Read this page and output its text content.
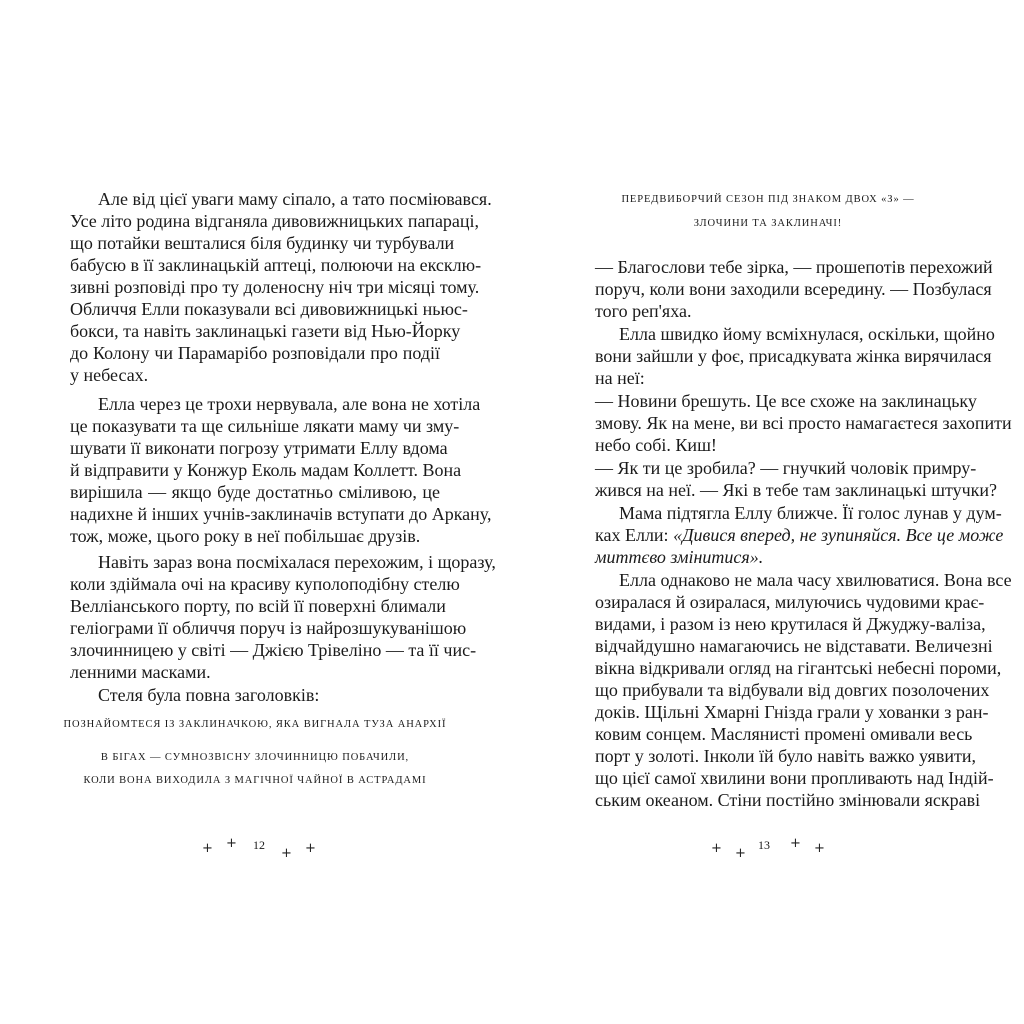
Але від цієї уваги маму сіпало, а тато посміювався.
Усе літо родина відганяла дивовижницьких папараці,
що потайки вешталися біля будинку чи турбували
бабусю в її заклинацькій аптеці, полюючи на ексклю-
зивні розповіді про ту доленосну ніч три місяці тому.
Обличчя Елли показували всі дивовижницькі ньюс-
бокси, та навіть заклинацькі газети від Нью-Йорку
до Колону чи Парамарібо розповідали про події
у небесах.
Елла через це трохи нервувала, але вона не хотіла
це показувати та ще сильніше лякати маму чи зму-
шувати її виконати погрозу утримати Еллу вдома
й відправити у Конжур Еколь мадам Коллетт. Вона
вирішила — якщо буде достатньо сміливою, це
надихне й інших учнів-заклиначів вступати до Аркану,
тож, може, цього року в неї побільшає друзів.
Навіть зараз вона посміхалася перехожим, і щоразу,
коли здіймала очі на красиву куполоподібну стелю
Велліанського порту, по всій її поверхні блимали
геліограми її обличчя поруч із найрозшукуванішою
злочинницею у світі — Джією Трівеліно — та її чис-
ленними масками.
Стеля була повна заголовків:
ПОЗНАЙОМТЕСЯ ІЗ ЗАКЛИНАЧКОЮ, ЯКА ВИГНАЛА ТУЗА АНАРХІЇ
В БІГАХ — СУМНОЗВІСНУ ЗЛОЧИННИЦЮ ПОБАЧИЛИ,
КОЛИ ВОНА ВИХОДИЛА З МАГІЧНОЇ ЧАЙНОЇ В АСТРАДАМІ
12
+ +
+ +
ПЕРЕДВИБОРЧИЙ СЕЗОН ПІД ЗНАКОМ ДВОХ «З» —
ЗЛОЧИНИ ТА ЗАКЛИНАЧІ!
— Благослови тебе зірка, — прошепотів перехожий
поруч, коли вони заходили всередину. — Позбулася
того реп'яха.
Елла швидко йому всміхнулася, оскільки, щойно
вони зайшли у фоє, присадкувата жінка вирячилася
на неї:
— Новини брешуть. Це все схоже на заклинацьку
змову. Як на мене, ви всі просто намагаєтеся захопити
небо собі. Киш!
— Як ти це зробила? — гнучкий чоловік примру-
жився на неї. — Які в тебе там заклинацькі штучки?
Мама підтягла Еллу ближче. Її голос лунав у дум-
ках Елли: «Дивися вперед, не зупиняйся. Все це може
миттєво змінитися».
Елла однаково не мала часу хвилюватися. Вона все
озиралася й озиралася, милуючись чудовими крає-
видами, і разом із нею крутилася й Джуджу-валіза,
відчайдушно намагаючись не відставати. Величезні
вікна відкривали огляд на гігантські небесні пороми,
що прибували та відбували від довгих позолочених
доків. Щільні Хмарні Гнізда грали у хованки з ран-
ковим сонцем. Маслянисті промені омивали весь
порт у золоті. Інколи їй було навіть важко уявити,
що цієї самої хвилини вони пропливають над Індій-
ським океаном. Стіни постійно змінювали яскраві
13
+ +
+ +
